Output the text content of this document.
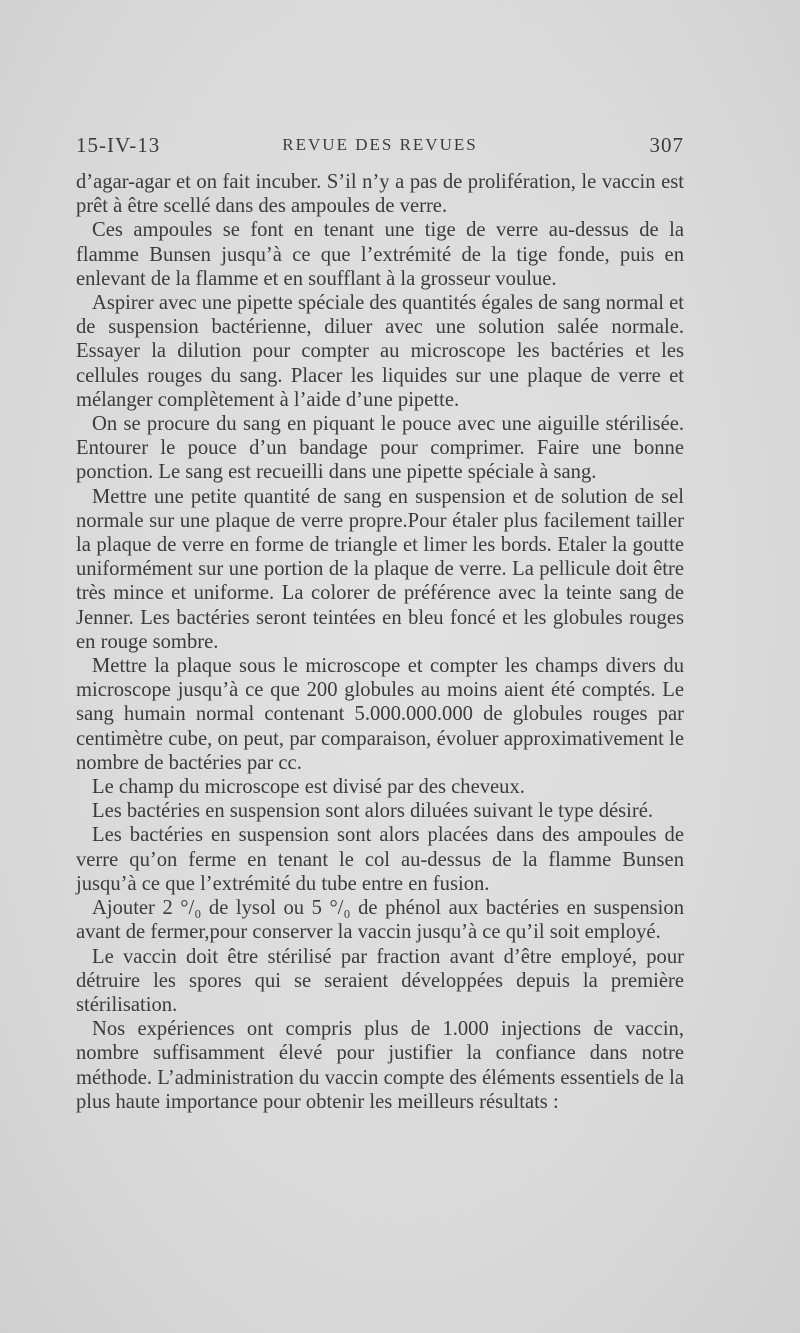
15-IV-13	REVUE DES REVUES	307

d’agar-agar et on fait incuber. S’il n’y a pas de prolifération, le vaccin est prêt à être scellé dans des ampoules de verre.

Ces ampoules se font en tenant une tige de verre au-dessus de la flamme Bunsen jusqu’à ce que l’extrémité de la tige fonde, puis en enlevant de la flamme et en soufflant à la grosseur voulue.

Aspirer avec une pipette spéciale des quantités égales de sang normal et de suspension bactérienne, diluer avec une solution salée normale. Essayer la dilution pour compter au microscope les bactéries et les cellules rouges du sang. Placer les liquides sur une plaque de verre et mélanger complètement à l’aide d’une pipette.

On se procure du sang en piquant le pouce avec une aiguille stérilisée. Entourer le pouce d’un bandage pour comprimer. Faire une bonne ponction. Le sang est recueilli dans une pipette spéciale à sang.

Mettre une petite quantité de sang en suspension et de solution de sel normale sur une plaque de verre propre.Pour étaler plus facilement tailler la plaque de verre en forme de triangle et limer les bords. Etaler la goutte uniformément sur une portion de la plaque de verre. La pellicule doit être très mince et uniforme. La colorer de préférence avec la teinte sang de Jenner. Les bactéries seront teintées en bleu foncé et les globules rouges en rouge sombre.

Mettre la plaque sous le microscope et compter les champs divers du microscope jusqu’à ce que 200 globules au moins aient été comptés. Le sang humain normal contenant 5.000.000.000 de globules rouges par centimètre cube, on peut, par comparaison, évoluer approximativement le nombre de bactéries par cc.

Le champ du microscope est divisé par des cheveux.

Les bactéries en suspension sont alors diluées suivant le type désiré.

Les bactéries en suspension sont alors placées dans des ampoules de verre qu’on ferme en tenant le col au-dessus de la flamme Bunsen jusqu’à ce que l’extrémité du tube entre en fusion.

Ajouter 2 °/₀ de lysol ou 5 °/₀ de phénol aux bactéries en suspension avant de fermer,pour conserver la vaccin jusqu’à ce qu’il soit employé.

Le vaccin doit être stérilisé par fraction avant d’être employé, pour détruire les spores qui se seraient développées depuis la première stérilisation.

Nos expériences ont compris plus de 1.000 injections de vaccin, nombre suffisamment élevé pour justifier la confiance dans notre méthode. L’administration du vaccin compte des éléments essentiels de la plus haute importance pour obtenir les meilleurs résultats :
